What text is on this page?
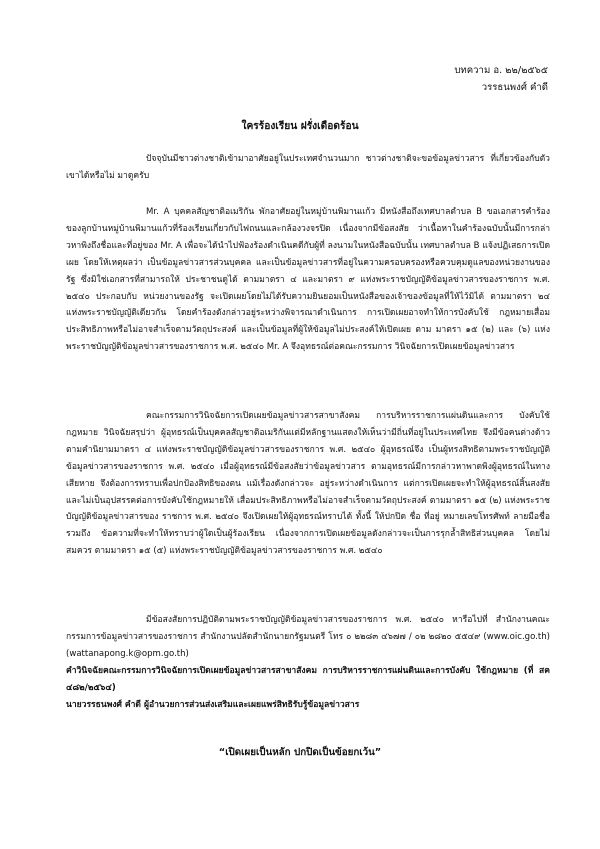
บทความ อ. ๒๒/๒๕๖๕
วรรธนพงศ์ คำดี
ใครร้องเรียน ฝรั่งเดือดร้อน

ปัจจุบันมีชาวต่างชาติเข้ามาอาศัยอยู่ในประเทศจำนวนมาก ชาวต่างชาติจะขอข้อมูลข่าวสาร ที่เกี่ยวข้องกับตัวเขาได้หรือไม่ มาดูครับ

Mr. A บุคคลสัญชาติอเมริกัน พักอาศัยอยู่ในหมู่บ้านพิมานแก้ว มีหนังสือถึงเทศบาลตำบล B ขอเอกสารคำร้องของลูกบ้านหมู่บ้านพิมานแก้วที่ร้องเรียนเกี่ยวกับไฟถนนและกล้องวงจรปิด เนื่องจากมีข้อสงสัย ว่าเนื้อหาในคำร้องฉบับนั้นมีการกล่าวหาพิงถึงชื่อและที่อยู่ของ Mr. A เพื่อจะได้นำไปฟ้องร้องดำเนินคดีกับผู้ที่ ลงนามในหนังสือฉบับนั้น เทศบาลตำบล B แจ้งปฏิเสธการเปิดเผย โดยให้เหตุผลว่า เป็นข้อมูลข่าวสารส่วนบุคคล และเป็นข้อมูลข่าวสารที่อยู่ในความครอบครองหรือควบคุมดูแลของหน่วยงานของรัฐ ซึ่งมิใช่เอกสารที่สามารถให้ ประชาชนดูได้ ตามมาตรา ๔ และมาตรา ๙ แห่งพระราชบัญญัติข้อมูลข่าวสารของราชการ พ.ศ. ๒๕๔๐ ประกอบกับ หน่วยงานของรัฐ จะเปิดเผยโดยไม่ได้รับความยินยอมเป็นหนังสือของเจ้าของข้อมูลที่ให้ไว้มิได้ ตามมาตรา ๒๔ แห่งพระราชบัญญัติเดียวกัน โดยคำร้องดังกล่าวอยู่ระหว่างพิจารณาดำเนินการ การเปิดเผยอาจทำให้การบังคับใช้ กฎหมายเสื่อมประสิทธิภาพหรือไม่อาจสำเร็จตามวัตถุประสงค์ และเป็นข้อมูลที่ผู้ให้ข้อมูลไม่ประสงค์ให้เปิดเผย ตาม มาตรา ๑๕ (๒) และ (๖) แห่งพระราชบัญญัติข้อมูลข่าวสารของราชการ พ.ศ. ๒๕๔๐ Mr. A จึงอุทธรณ์ต่อคณะกรรมการ วินิจฉัยการเปิดเผยข้อมูลข่าวสาร

คณะกรรมการวินิจฉัยการเปิดเผยข้อมูลข่าวสารสาขาสังคม การบริหารราชการแผ่นดินและการ บังคับใช้กฎหมาย วินิจฉัยสรุปว่า ผู้อุทธรณ์เป็นบุคคลสัญชาติอเมริกันแต่มีหลักฐานแสดงให้เห็นว่ามีถิ่นที่อยู่ในประเทศไทย จึงมีข้อคนต่างด้าวตามคำนิยามมาตรา ๔ แห่งพระราชบัญญัติข้อมูลข่าวสารของราชการ พ.ศ. ๒๕๔๐ ผู้อุทธรณ์จึง เป็นผู้ทรงสิทธิตามพระราชบัญญัติข้อมูลข่าวสารของราชการ พ.ศ. ๒๕๔๐ เมื่อผู้อุทธรณ์มีข้อสงสัยว่าข้อมูลข่าวสาร ตามอุทธรณ์มีการกล่าวหาพาดพิงผู้อุทธรณ์ในทางเสียหาย จึงต้องการทราบเพื่อปกป้องสิทธิของตน แม้เรื่องดังกล่าวจะ อยู่ระหว่างดำเนินการ แต่การเปิดเผยจะทำให้ผู้อุทธรณ์สิ้นสงสัยและไม่เป็นอุปสรรคต่อการบังคับใช้กฎหมายให้ เสื่อมประสิทธิภาพหรือไม่อาจสำเร็จตามวัตถุประสงค์ ตามมาตรา ๑๕ (๒) แห่งพระราชบัญญัติข้อมูลข่าวสารของ ราชการ พ.ศ. ๒๕๔๐ จึงเปิดเผยให้ผู้อุทธรณ์ทราบได้ ทั้งนี้ ให้ปกปิด ชื่อ ที่อยู่ หมายเลขโทรศัพท์ ลายมือชื่อ รวมถึง ข้อความที่จะทำให้ทราบว่าผู้ใดเป็นผู้ร้องเรียน เนื่องจากการเปิดเผยข้อมูลดังกล่าวจะเป็นการรุกล้ำสิทธิส่วนบุคคล โดยไม่สมควร ตามมาตรา ๑๕ (๕) แห่งพระราชบัญญัติข้อมูลข่าวสารของราชการ พ.ศ. ๒๕๔๐

มีข้อสงสัยการปฏิบัติตามพระราชบัญญัติข้อมูลข่าวสารของราชการ พ.ศ. ๒๕๔๐ หารือไปที่ สำนักงานคณะกรรมการข้อมูลข่าวสารของราชการ สำนักงานปลัดสำนักนายกรัฐมนตรี โทร ๐ ๒๒๘๓ ๔๖๗๗ / ๐๒ ๒๘๒๐ ๕๕๔๙ (www.oic.go.th) (wattanapong.k@opm.go.th)

คำวินิจฉัยคณะกรรมการวินิจฉัยการเปิดเผยข้อมูลข่าวสารสาขาสังคม การบริหารราชการแผ่นดินและการบังคับ ใช้กฎหมาย (ที่ สค ๔๘๒/๒๕๖๔)

นายวรรธนพงศ์ คำดี ผู้อำนวยการส่วนส่งเสริมและเผยแพร่สิทธิรับรู้ข้อมูลข่าวสาร

“เปิดเผยเป็นหลัก ปกปิดเป็นข้อยกเว้น”
